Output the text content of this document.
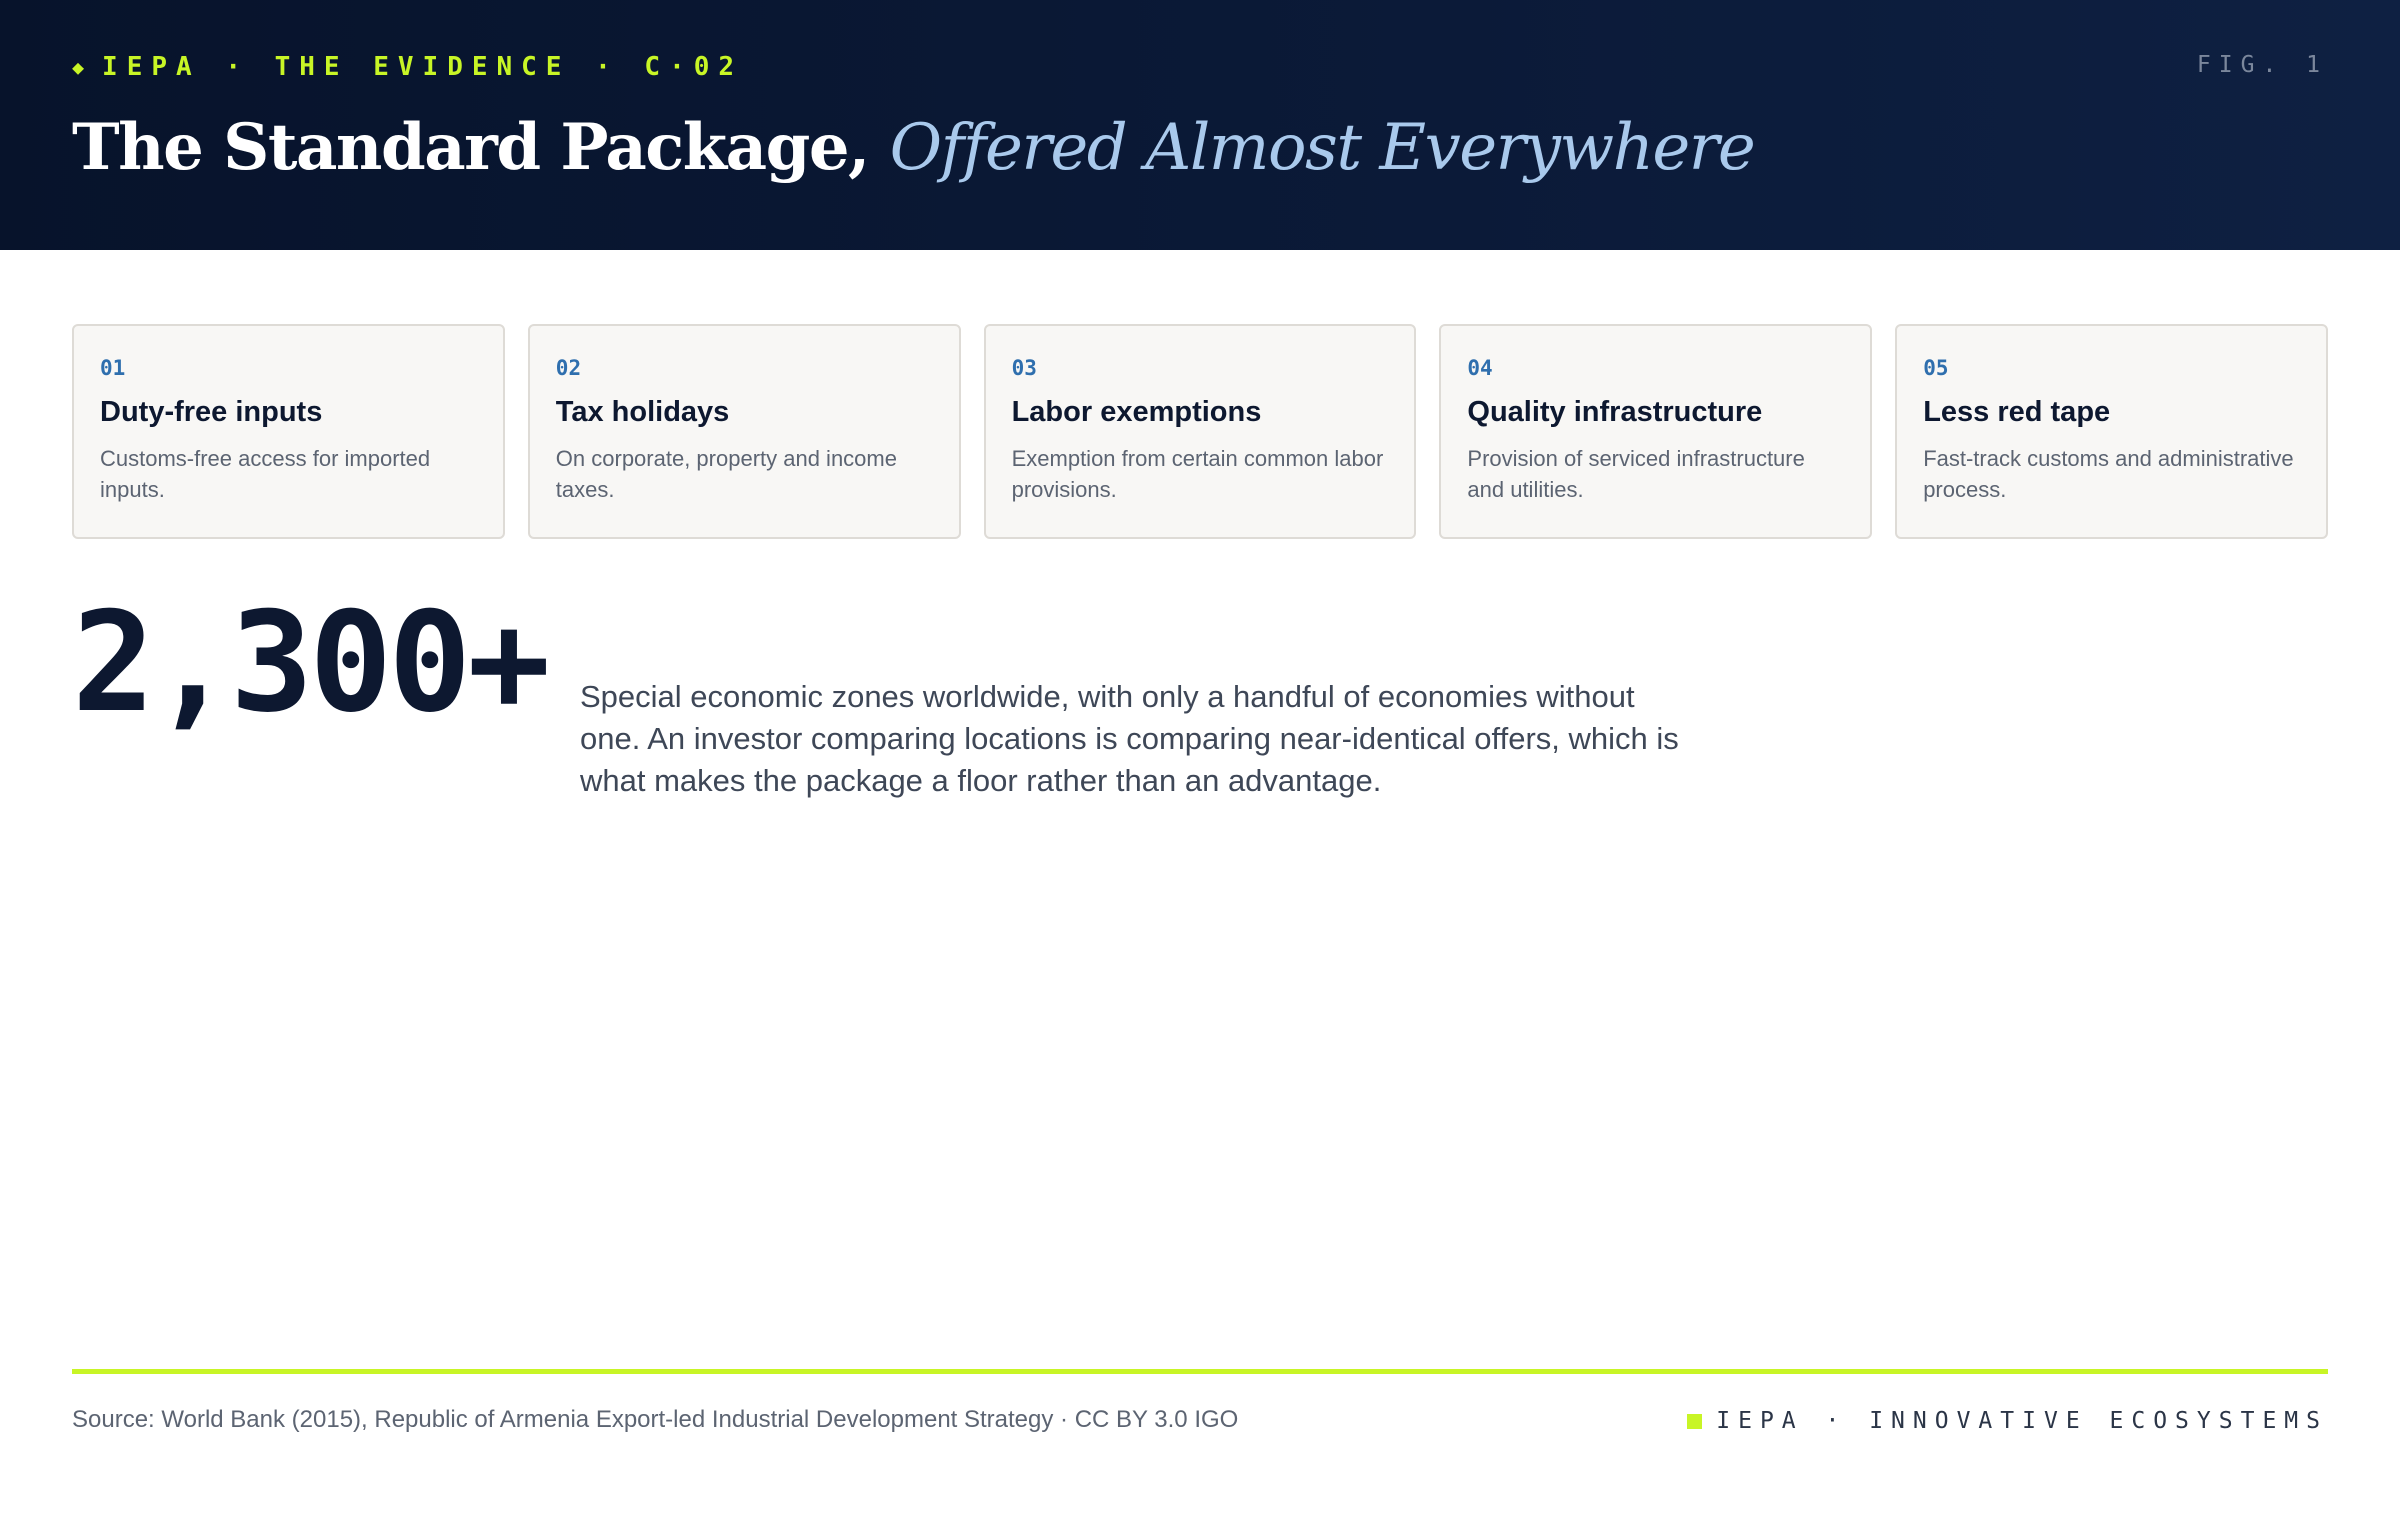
◆ IEPA · THE EVIDENCE · C·02	FIG. 1
The Standard Package, Offered Almost Everywhere
01
Duty-free inputs
Customs-free access for imported inputs.
02
Tax holidays
On corporate, property and income taxes.
03
Labor exemptions
Exemption from certain common labor provisions.
04
Quality infrastructure
Provision of serviced infrastructure and utilities.
05
Less red tape
Fast-track customs and administrative process.
2,300+ Special economic zones worldwide, with only a handful of economies without one. An investor comparing locations is comparing near-identical offers, which is what makes the package a floor rather than an advantage.
Source: World Bank (2015), Republic of Armenia Export-led Industrial Development Strategy · CC BY 3.0 IGO	IEPA · INNOVATIVE ECOSYSTEMS
